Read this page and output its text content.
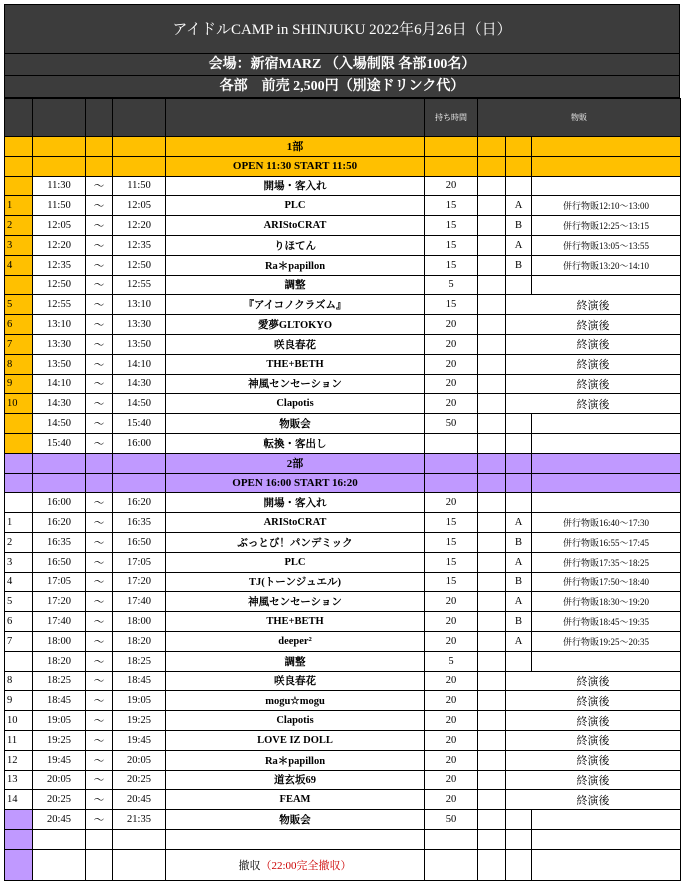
アイドルCAMP in SHINJUKU 2022年6月26日（日）
会場：新宿MARZ （入場制限 各部100名）
各部　前売 2,500円（別途ドリンク代）
					持ち時間	物販		
				1部				
				OPEN 11:30 START 11:50				
	11:30	〜	11:50	開場・客入れ	20			
1	11:50	〜	12:05	PLC	15		A	併行物販12:10〜13:00
2	12:05	〜	12:20	ARIStoCRAT	15		B	併行物販12:25〜13:15
3	12:20	〜	12:35	りほてん	15		A	併行物販13:05〜13:55
4	12:35	〜	12:50	Ra＊papillon	15		B	併行物販13:20〜14:10
	12:50	〜	12:55	調整	5			
5	12:55	〜	13:10	『アイコノクラズム』	15		終演後	
6	13:10	〜	13:30	愛夢GLTOKYO	20		終演後	
7	13:30	〜	13:50	咲良春花	20		終演後	
8	13:50	〜	14:10	THE+BETH	20		終演後	
9	14:10	〜	14:30	神風センセーション	20		終演後	
10	14:30	〜	14:50	Clapotis	20		終演後	
	14:50	〜	15:40	物販会	50			
	15:40	〜	16:00	転換・客出し				
				2部				
				OPEN 16:00 START 16:20				
	16:00	〜	16:20	開場・客入れ	20			
1	16:20	〜	16:35	ARIStoCRAT	15		A	併行物販16:40〜17:30
2	16:35	〜	16:50	ぶっとび！パンデミック	15		B	併行物販16:55〜17:45
3	16:50	〜	17:05	PLC	15		A	併行物販17:35〜18:25
4	17:05	〜	17:20	TJ(トーンジュエル)	15		B	併行物販17:50〜18:40
5	17:20	〜	17:40	神風センセーション	20		A	併行物販18:30〜19:20
6	17:40	〜	18:00	THE+BETH	20		B	併行物販18:45〜19:35
7	18:00	〜	18:20	deeper²	20		A	併行物販19:25〜20:35
	18:20	〜	18:25	調整	5			
8	18:25	〜	18:45	咲良春花	20		終演後	
9	18:45	〜	19:05	mogu☆mogu	20		終演後	
10	19:05	〜	19:25	Clapotis	20		終演後	
11	19:25	〜	19:45	LOVE IZ DOLL	20		終演後	
12	19:45	〜	20:05	Ra＊papillon	20		終演後	
13	20:05	〜	20:25	道玄坂69	20		終演後	
14	20:25	〜	20:45	FEAM	20		終演後	
	20:45	〜	21:35	物販会	50			

				撤収（22:00完全撤収）				
